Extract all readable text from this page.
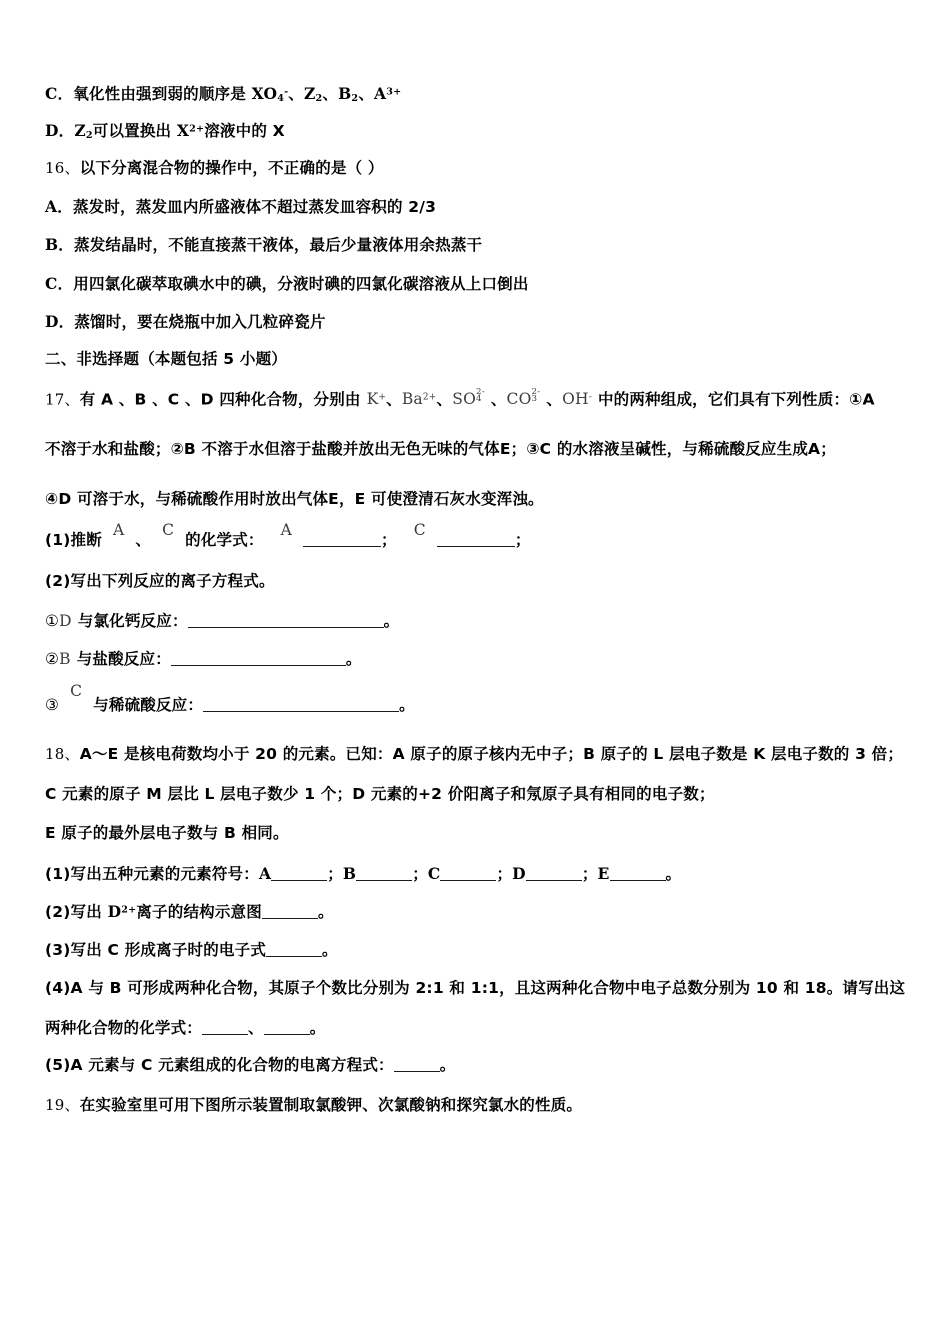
C．氧化性由强到弱的顺序是 $XO_4^-$、$Z_2$、$B_2$、$A^{3+}$
D．$Z_2$可以置换出 $X^{2+}$溶液中的 X
16、以下分离混合物的操作中，不正确的是（ ）
A．蒸发时，蒸发皿内所盛液体不超过蒸发皿容积的 2/3
B．蒸发结晶时，不能直接蒸干液体，最后少量液体用余热蒸干
C．用四氯化碳萃取碘水中的碘，分液时碘的四氯化碳溶液从上口倒出
D．蒸馏时，要在烧瓶中加入几粒碎瓷片
二、非选择题（本题包括 5 小题）
17、有 A 、B 、C 、D 四种化合物，分别由 K+、$Ba^{2+}$、SO 2-
4 、CO 2-
3 、OH- 中的两种组成，它们具有下列性质：①A
不溶于水和盐酸；②B 不溶于水但溶于盐酸并放出无色无味的气体E；③C 的水溶液呈碱性，与稀硫酸反应生成A；
④D 可溶于水，与稀硫酸作用时放出气体E，E 可使澄清石灰水变浑浊。
(1)推断A、C的化学式：A；C；
(2)写出下列反应的离子方程式。
①D 与氯化钙反应：	。
②B 与盐酸反应：	。
③C与稀硫酸反应：	。
18、A～E 是核电荷数均小于 20 的元素。已知：A 原子的原子核内无中子；B 原子的 L 层电子数是 K 层电子数的 3 倍；
C 元素的原子 M 层比 L 层电子数少 1 个；D 元素的+2 价阳离子和氖原子具有相同的电子数；
E 原子的最外层电子数与 B 相同。
(1)写出五种元素的元素符号：A	；B	；C	；D	；E	。
(2)写出 $D^{2+}$离子的结构示意图	。
(3)写出 C 形成离子时的电子式	。
(4)A 与 B 可形成两种化合物，其原子个数比分别为 2:1 和 1:1，且这两种化合物中电子总数分别为 10 和 18。请写出这
两种化合物的化学式：	、	。
(5)A 元素与 C 元素组成的化合物的电离方程式：	。
19、在实验室里可用下图所示装置制取氯酸钾、次氯酸钠和探究氯水的性质。
